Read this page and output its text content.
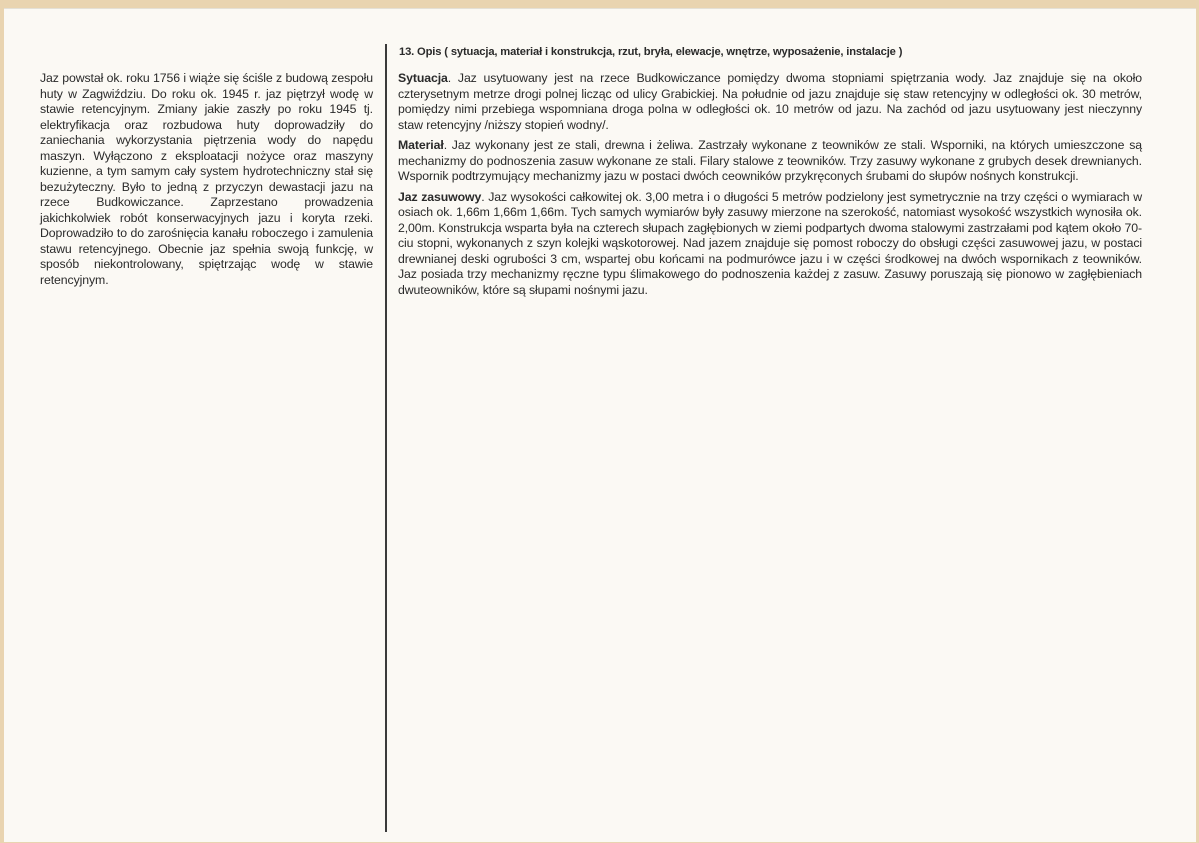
Jaz powstał ok. roku 1756 i wiąże się ściśle z budową zespołu huty w Zagwiździu. Do roku ok. 1945 r. jaz piętrzył wodę w stawie retencyjnym. Zmiany jakie zaszły po roku 1945 tj. elektryfikacja oraz rozbudowa huty doprowadziły do zaniechania wykorzystania piętrzenia wody do napędu maszyn. Wyłączono z eksploatacji nożyce oraz maszyny kuzienne, a tym samym cały system hydrotechniczny stał się bezużyteczny. Było to jedną z przyczyn dewastacji jazu na rzece Budkowiczance. Zaprzestano prowadzenia jakichkolwiek robót konserwacyjnych jazu i koryta rzeki. Doprowadziło to do zarośnięcia kanału roboczego i zamulenia stawu retencyjnego. Obecnie jaz spełnia swoją funkcję, w sposób niekontrolowany, spiętrzając wodę w stawie retencyjnym.
13. Opis ( sytuacja, materiał i konstrukcja, rzut, bryła, elewacje, wnętrze, wyposażenie, instalacje )

Sytuacja. Jaz usytuowany jest na rzece Budkowiczance pomiędzy dwoma stopniami spiętrzania wody. Jaz znajduje się na około czterysetnym metrze drogi polnej licząc od ulicy Grabickiej. Na południe od jazu znajduje się staw retencyjny w odległości ok. 30 metrów, pomiędzy nimi przebiega wspomniana droga polna w odległości ok. 10 metrów od jazu. Na zachód od jazu usytuowany jest nieczynny staw retencyjny /niższy stopień wodny/.

Materiał. Jaz wykonany jest ze stali, drewna i żeliwa. Zastrzały wykonane z teowników ze stali. Wsporniki, na których umieszczone są mechanizmy do podnoszenia zasuw wykonane ze stali. Filary stalowe z teowników. Trzy zasuwy wykonane z grubych desek drewnianych. Wspornik podtrzymujący mechanizmy jazu w postaci dwóch ceowników przykręconych śrubami do słupów nośnych konstrukcji.

Jaz zasuwowy. Jaz wysokości całkowitej ok. 3,00 metra i o długości 5 metrów podzielony jest symetrycznie na trzy części o wymiarach w osiach ok. 1,66m 1,66m 1,66m. Tych samych wymiarów były zasuwy mierzone na szerokość, natomiast wysokość wszystkich wynosiła ok. 2,00m. Konstrukcja wsparta była na czterech słupach zagłębionych w ziemi podpartych dwoma stalowymi zastrzałami pod kątem około 70-ciu stopni, wykonanych z szyn kolejki wąskotorowej. Nad jazem znajduje się pomost roboczy do obsługi części zasuwowej jazu, w postaci drewnianej deski ogrubości 3 cm, wspartej obu końcami na podmurówce jazu i w części środkowej na dwóch wspornikach z teowników. Jaz posiada trzy mechanizmy ręczne typu ślimakowego do podnoszenia każdej z zasuw. Zasuwy poruszają się pionowo w zagłębieniach dwuteowników, które są słupami nośnymi jazu.
